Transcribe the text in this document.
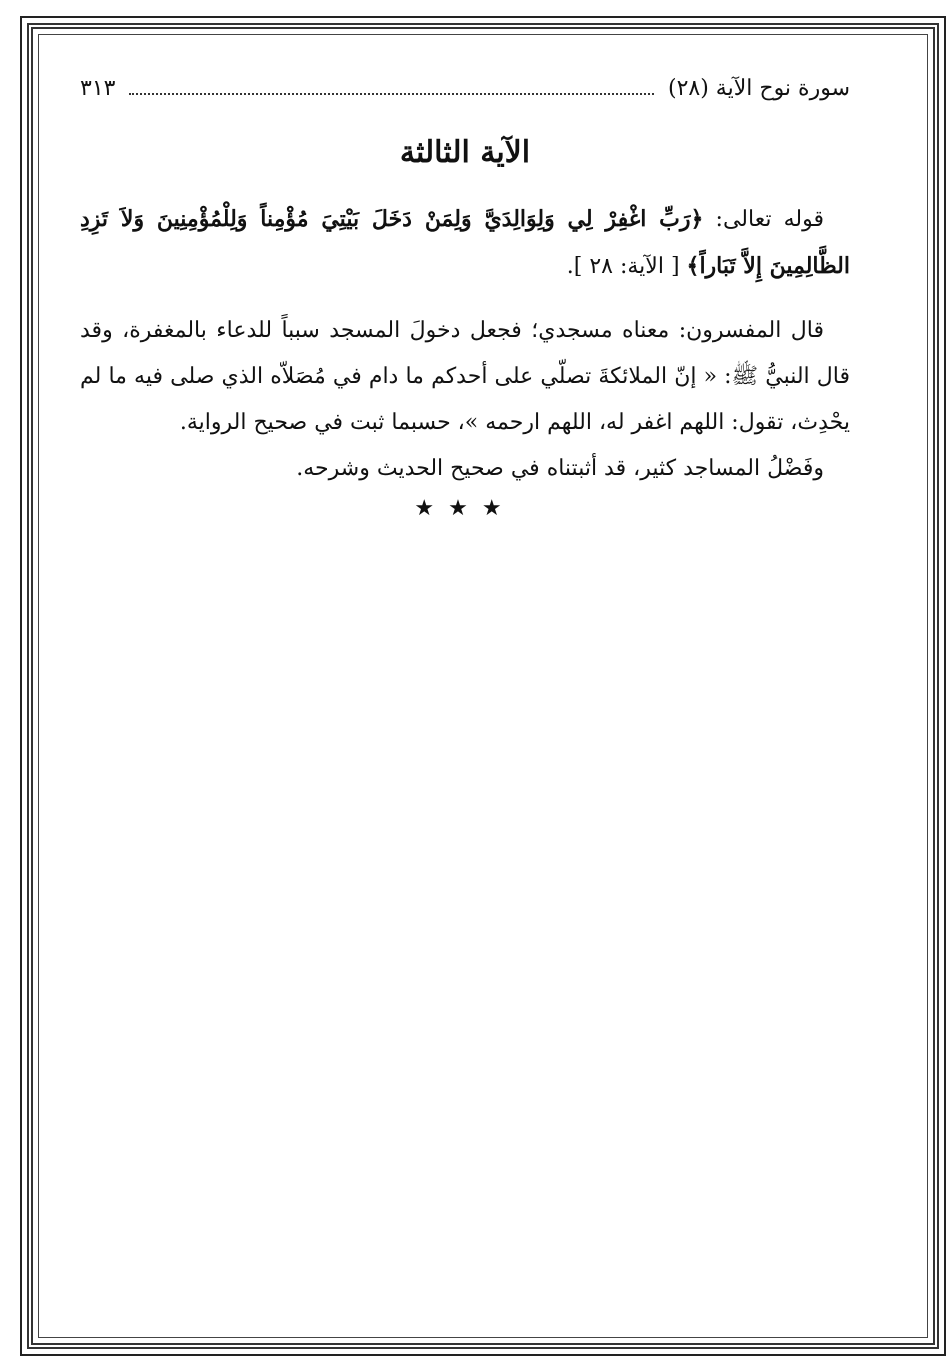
سورة نوح الآية (٢٨)
٣١٣
الآية الثالثة

قوله تعالى: ﴿رَبِّ اغْفِرْ لِي وَلِوَالِدَيَّ وَلِمَنْ دَخَلَ بَيْتِيَ مُؤْمِناً وَلِلْمُؤْمِنِينَ وَلاَ تَزِدِ الظَّالِمِينَ إِلاَّ تَبَاراً﴾ [ الآية: ٢٨ ].

قال المفسرون: معناه مسجدي؛ فجعل دخولَ المسجد سبباً للدعاء بالمغفرة، وقد قال النبيُّ ﷺ: « إنّ الملائكةَ تصلّي على أحدكم ما دام في مُصَلاّه الذي صلى فيه ما لم يحْدِث، تقول: اللهم اغفر له، اللهم ارحمه »، حسبما ثبت في صحيح الرواية.

وفَضْلُ المساجد كثير، قد أثبتناه في صحيح الحديث وشرحه.

★★★
